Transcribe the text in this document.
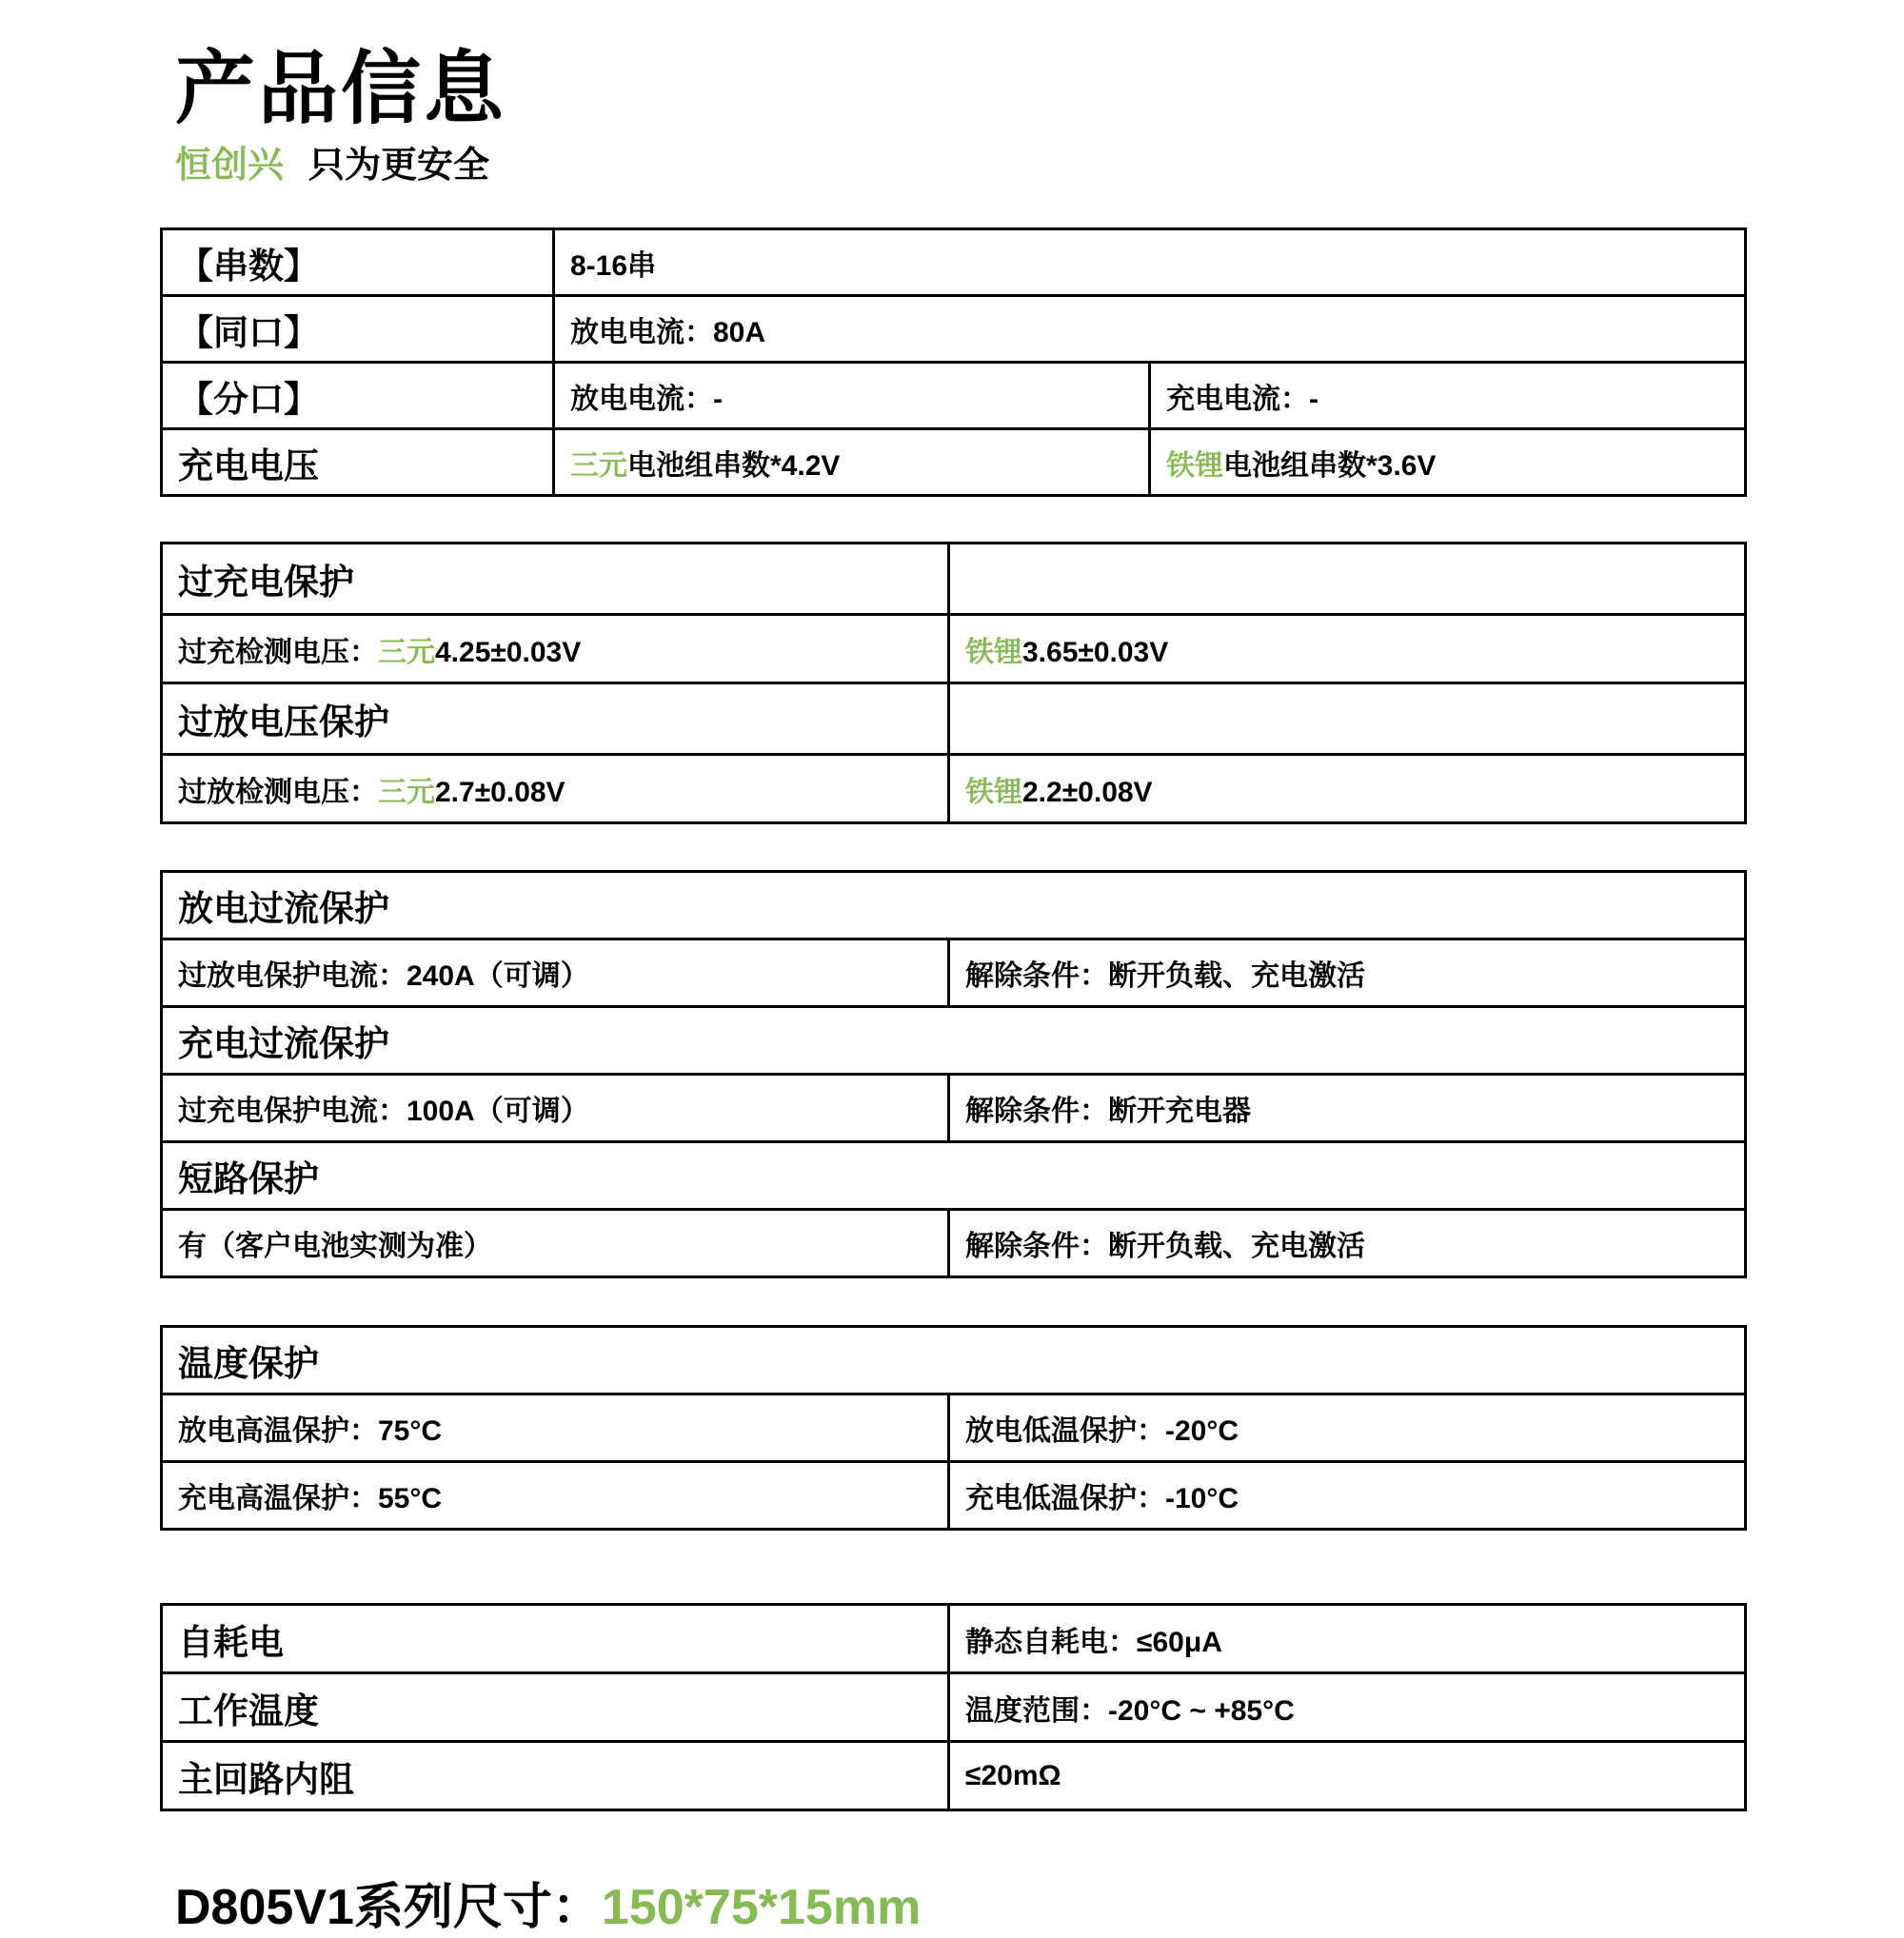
产品信息
恒创兴 只为更安全
【串数】	8-16串	
【同口】	放电电流：80A	
【分口】	放电电流：-	充电电流：-
充电电压	三元电池组串数*4.2V	铁锂电池组串数*3.6V
过充电保护	
过充检测电压：三元4.25±0.03V	铁锂3.65±0.03V
过放电压保护	
过放检测电压：三元2.7±0.08V	铁锂2.2±0.08V
放电过流保护	
过放电保护电流：240A（可调）	解除条件：断开负载、充电激活
充电过流保护	
过充电保护电流：100A（可调）	解除条件：断开充电器
短路保护	
有（客户电池实测为准）	解除条件：断开负载、充电激活
温度保护	
放电高温保护：75°C	放电低温保护：-20°C
充电高温保护：55°C	充电低温保护：-10°C
自耗电	静态自耗电：≤60μA
工作温度	温度范围：-20°C ~ +85°C
主回路内阻	≤20mΩ
D805V1系列尺寸： 150*75*15mm
